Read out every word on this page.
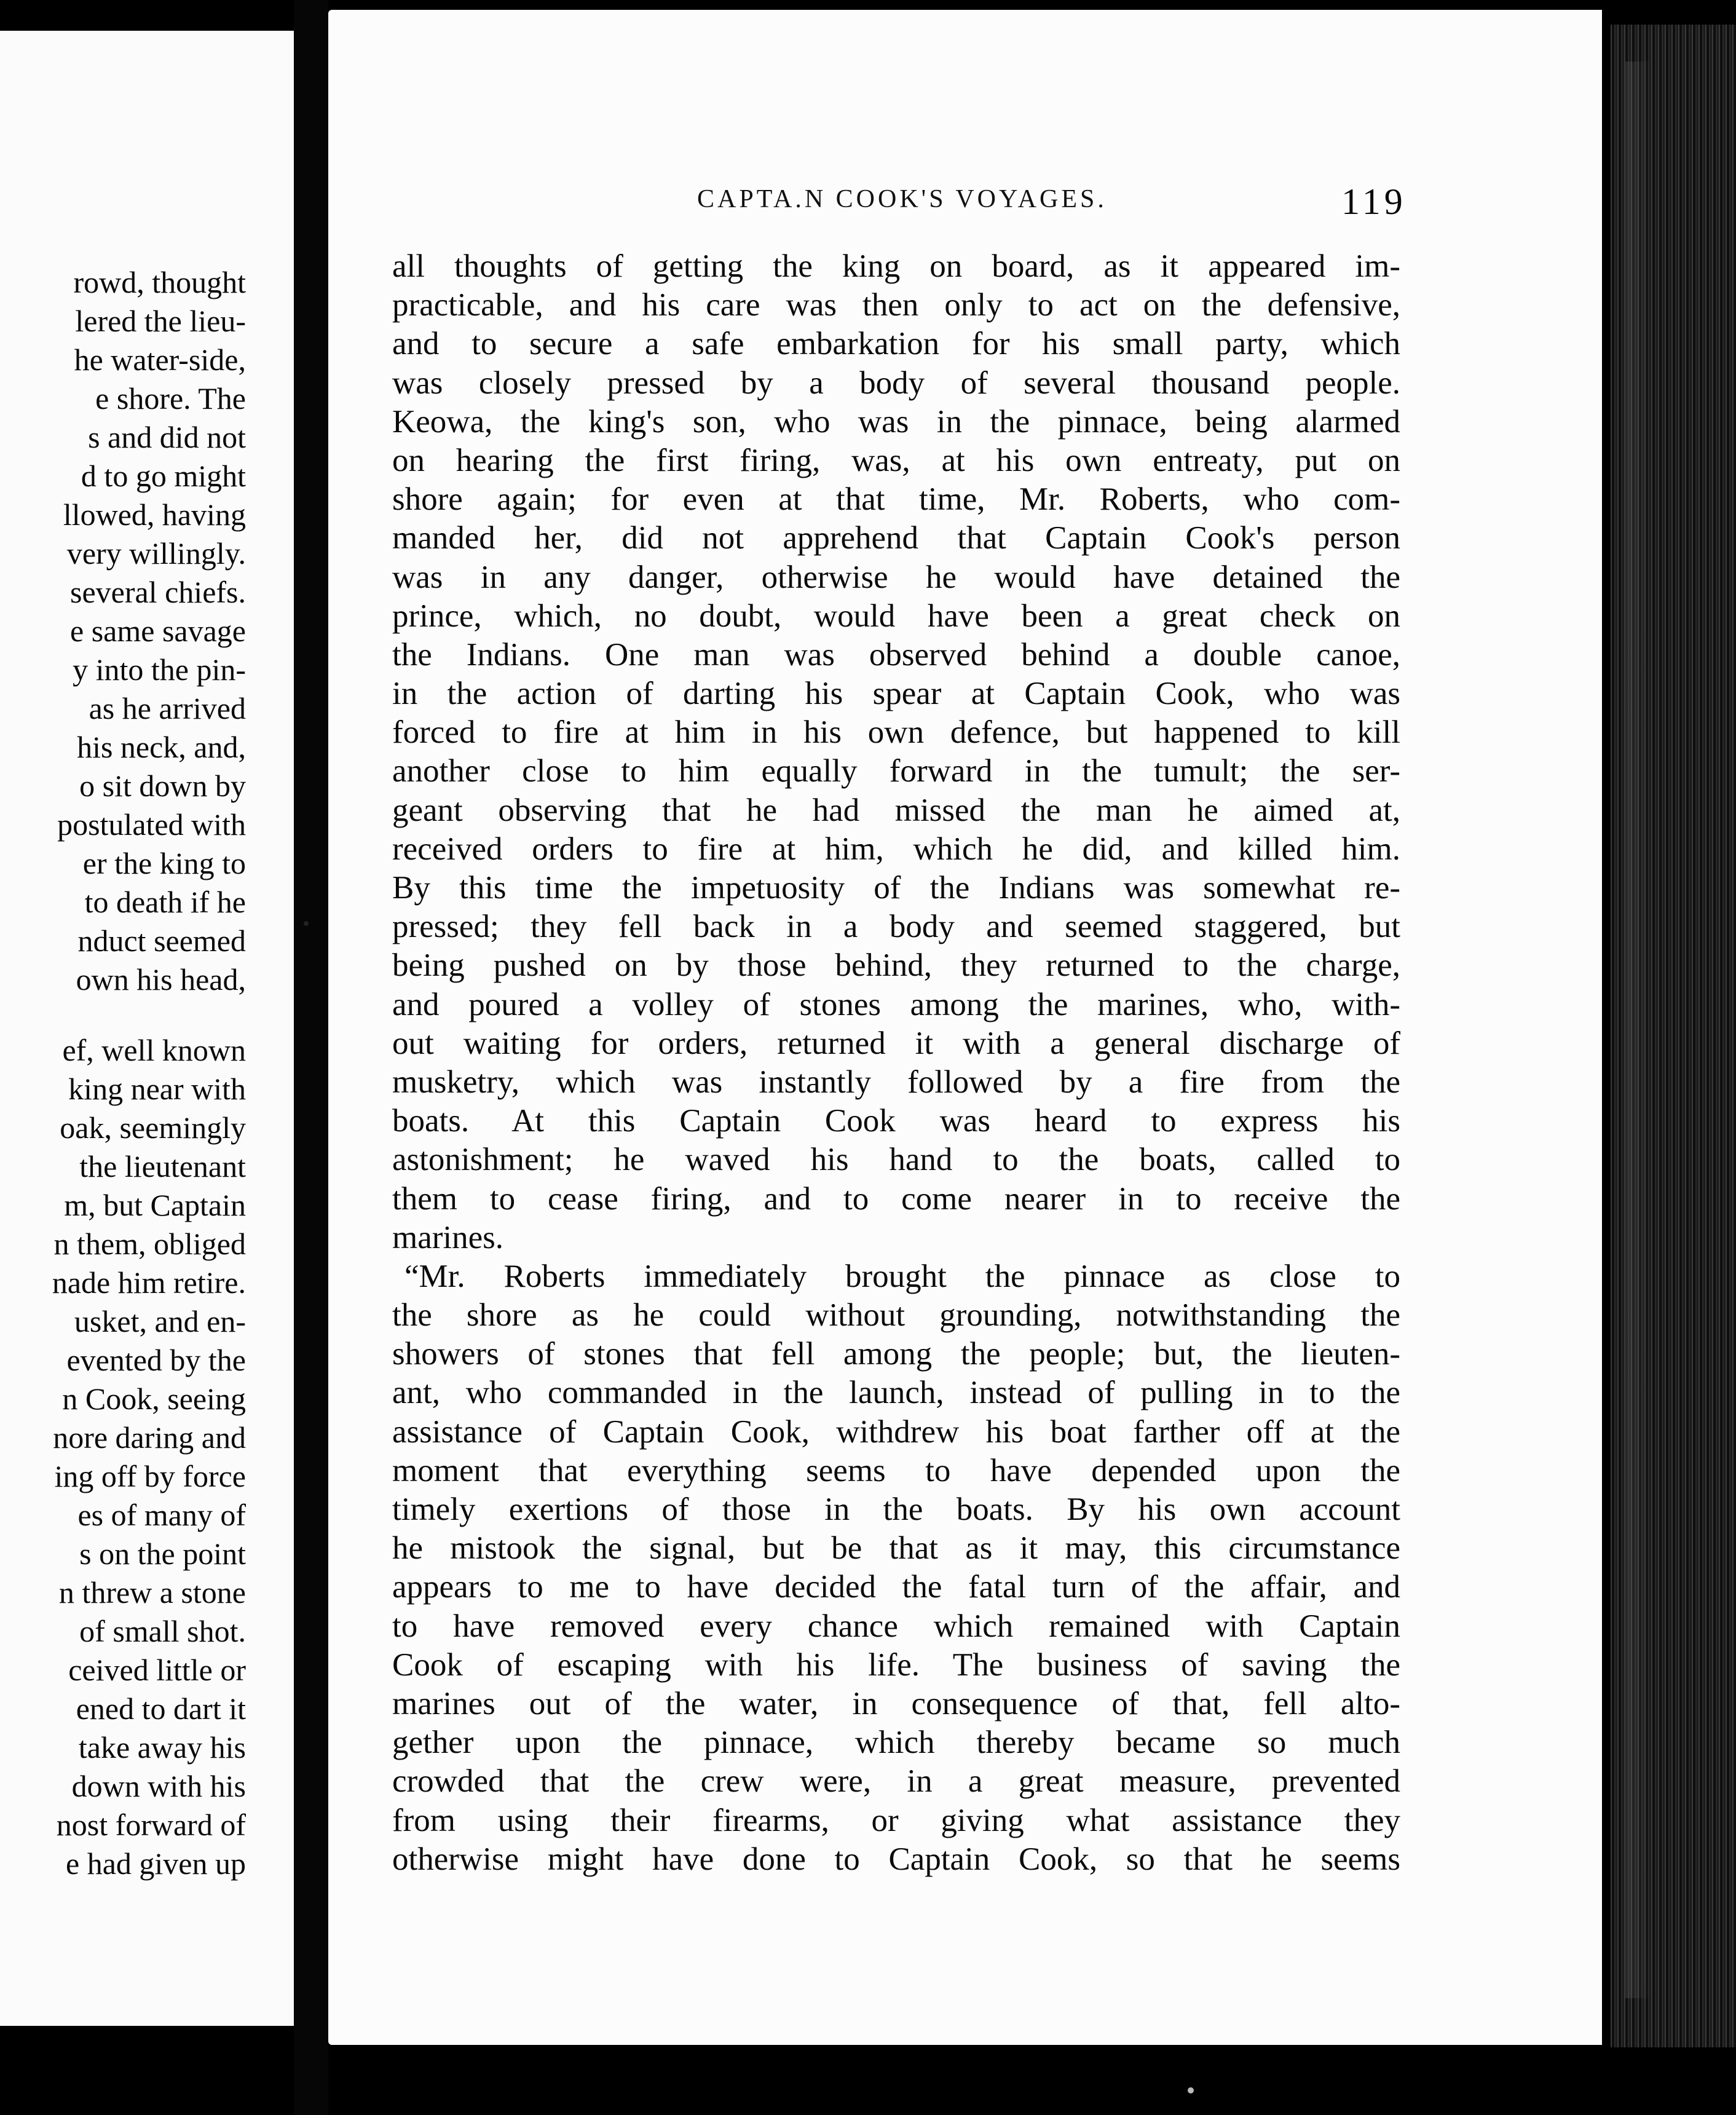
rowd, thought
lered the lieu-
he water-side,
e shore. The
s and did not
d to go might
llowed, having
very willingly.
several chiefs.
e same savage
y into the pin-
as he arrived
his neck, and,
o sit down by
postulated with
er the king to
to death if he
nduct seemed
own his head,
ef, well known
king near with
oak, seemingly
the lieutenant
m, but Captain
n them, obliged
nade him retire.
usket, and en-
evented by the
n Cook, seeing
nore daring and
ing off by force
es of many of
s on the point
n threw a stone
of small shot.
ceived little or
ened to dart it
take away his
down with his
nost forward of
e had given up
CAPTA.N COOK'S VOYAGES.	119
all thoughts of getting the king on board, as it appeared im-
practicable, and his care was then only to act on the defensive,
and to secure a safe embarkation for his small party, which
was closely pressed by a body of several thousand people.
Keowa, the king's son, who was in the pinnace, being alarmed
on hearing the first firing, was, at his own entreaty, put on
shore again; for even at that time, Mr. Roberts, who com-
manded her, did not apprehend that Captain Cook's person
was in any danger, otherwise he would have detained the
prince, which, no doubt, would have been a great check on
the Indians. One man was observed behind a double canoe,
in the action of darting his spear at Captain Cook, who was
forced to fire at him in his own defence, but happened to kill
another close to him equally forward in the tumult; the ser-
geant observing that he had missed the man he aimed at,
received orders to fire at him, which he did, and killed him.
By this time the impetuosity of the Indians was somewhat re-
pressed; they fell back in a body and seemed staggered, but
being pushed on by those behind, they returned to the charge,
and poured a volley of stones among the marines, who, with-
out waiting for orders, returned it with a general discharge of
musketry, which was instantly followed by a fire from the
boats. At this Captain Cook was heard to express his
astonishment; he waved his hand to the boats, called to
them to cease firing, and to come nearer in to receive the
marines.
“Mr. Roberts immediately brought the pinnace as close to
the shore as he could without grounding, notwithstanding the
showers of stones that fell among the people; but, the lieuten-
ant, who commanded in the launch, instead of pulling in to the
assistance of Captain Cook, withdrew his boat farther off at the
moment that everything seems to have depended upon the
timely exertions of those in the boats. By his own account
he mistook the signal, but be that as it may, this circumstance
appears to me to have decided the fatal turn of the affair, and
to have removed every chance which remained with Captain
Cook of escaping with his life. The business of saving the
marines out of the water, in consequence of that, fell alto-
gether upon the pinnace, which thereby became so much
crowded that the crew were, in a great measure, prevented
from using their firearms, or giving what assistance they
otherwise might have done to Captain Cook, so that he seems
